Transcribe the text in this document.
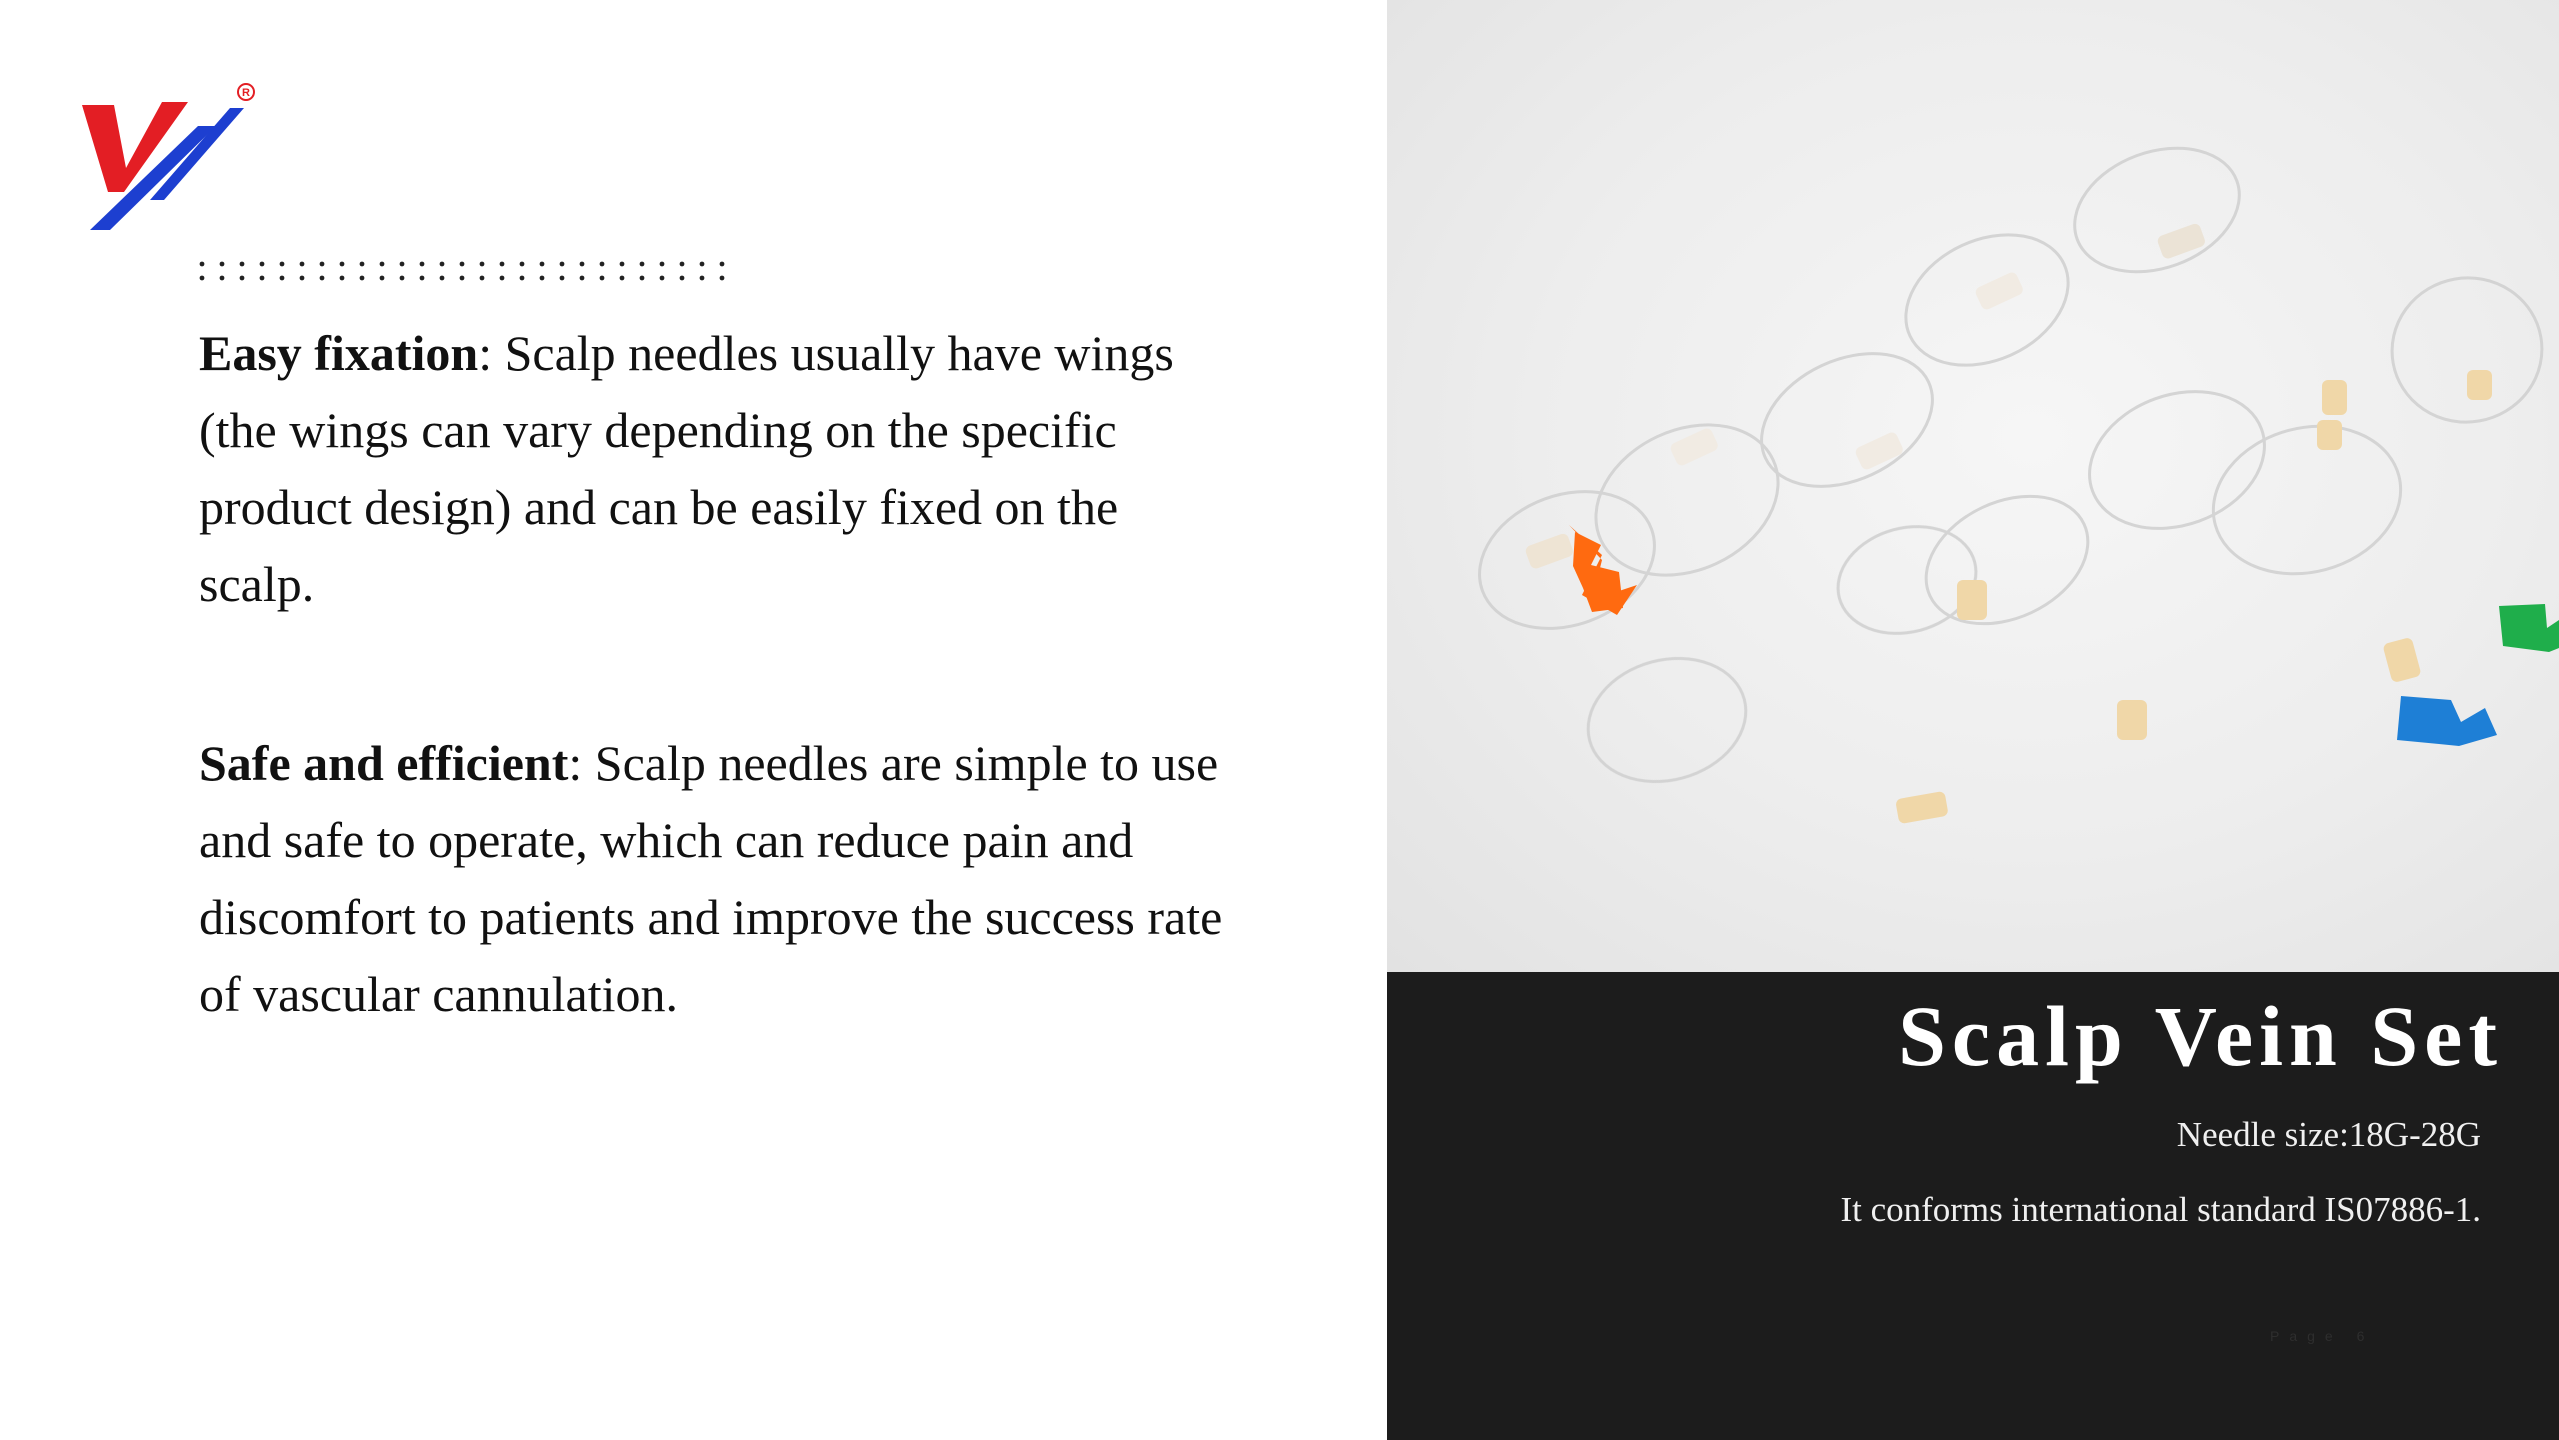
R

Easy fixation: Scalp needles usually have wings (the wings can vary depending on the specific product design) and can be easily fixed on the scalp.

Safe and efficient: Scalp needles are simple to use and safe to operate, which can reduce pain and discomfort to patients and improve the success rate of vascular cannulation.	Scalp Vein Set

Needle size:18G-28G

It conforms international standard IS07886-1.

Page 6
